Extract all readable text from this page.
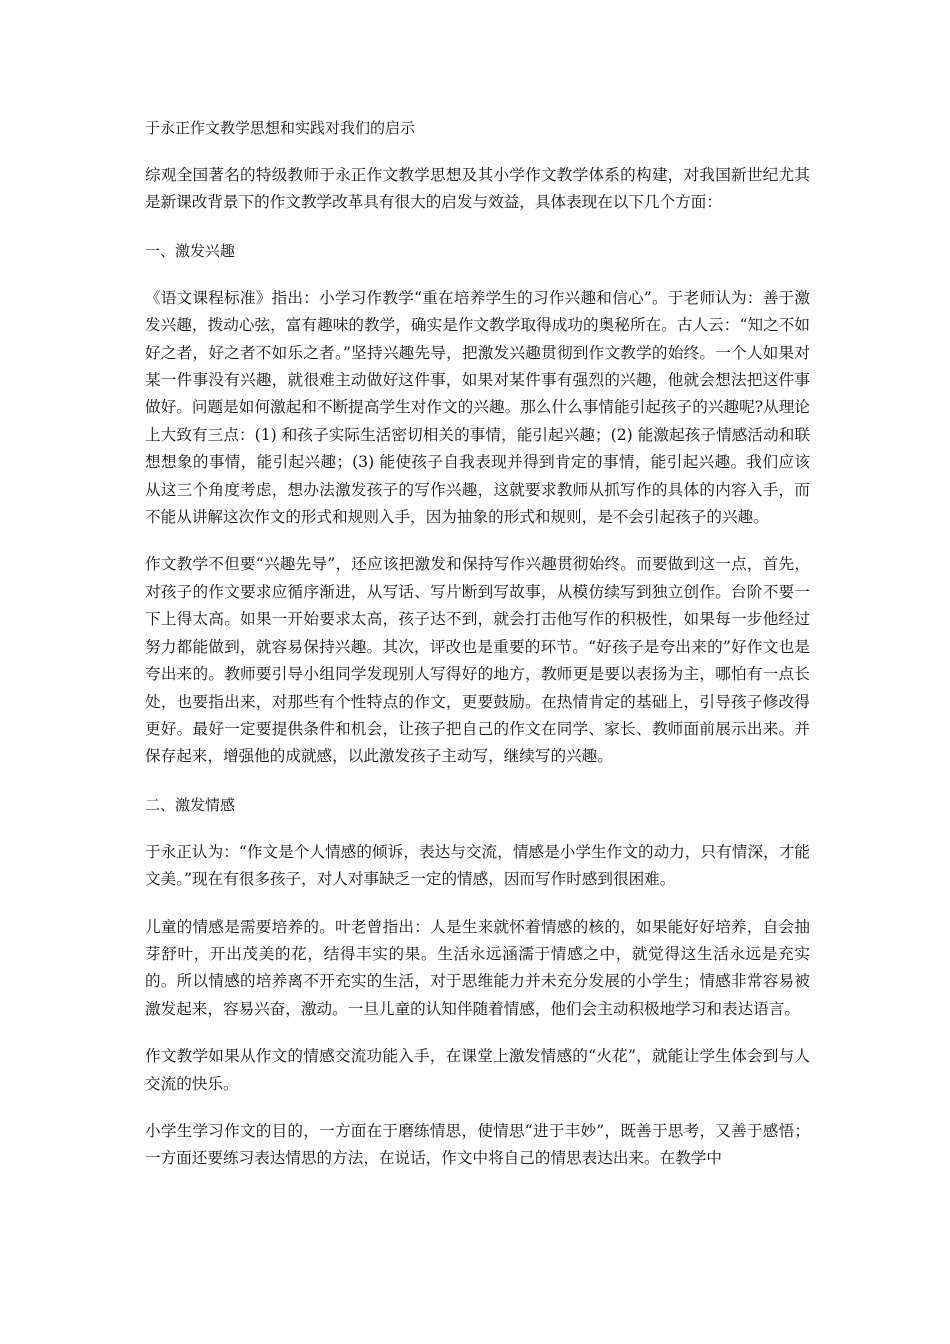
于永正作文教学思想和实践对我们的启示
综观全国著名的特级教师于永正作文教学思想及其小学作文教学体系的构建，对我国新世纪尤其是新课改背景下的作文教学改革具有很大的启发与效益，具体表现在以下几个方面：
一、激发兴趣
《语文课程标准》指出：小学习作教学“重在培养学生的习作兴趣和信心”。于老师认为：善于激发兴趣，拨动心弦，富有趣味的教学，确实是作文教学取得成功的奥秘所在。古人云：“知之不如好之者，好之者不如乐之者。”坚持兴趣先导，把激发兴趣贯彻到作文教学的始终。一个人如果对某一件事没有兴趣，就很难主动做好这件事，如果对某件事有强烈的兴趣，他就会想法把这件事做好。问题是如何激起和不断提高学生对作文的兴趣。那么什么事情能引起孩子的兴趣呢?从理论上大致有三点：(1) 和孩子实际生活密切相关的事情，能引起兴趣；(2) 能激起孩子情感活动和联想想象的事情，能引起兴趣；(3) 能使孩子自我表现并得到肯定的事情，能引起兴趣。我们应该从这三个角度考虑，想办法激发孩子的写作兴趣，这就要求教师从抓写作的具体的内容入手，而不能从讲解这次作文的形式和规则入手，因为抽象的形式和规则，是不会引起孩子的兴趣。
作文教学不但要“兴趣先导”，还应该把激发和保持写作兴趣贯彻始终。而要做到这一点，首先，对孩子的作文要求应循序渐进，从写话、写片断到写故事，从模仿续写到独立创作。台阶不要一下上得太高。如果一开始要求太高，孩子达不到，就会打击他写作的积极性，如果每一步他经过努力都能做到，就容易保持兴趣。其次，评改也是重要的环节。“好孩子是夸出来的”好作文也是夸出来的。教师要引导小组同学发现别人写得好的地方，教师更是要以表扬为主，哪怕有一点长处，也要指出来，对那些有个性特点的作文，更要鼓励。在热情肯定的基础上，引导孩子修改得更好。最好一定要提供条件和机会，让孩子把自己的作文在同学、家长、教师面前展示出来。并保存起来，增强他的成就感，以此激发孩子主动写，继续写的兴趣。
二、激发情感
于永正认为：“作文是个人情感的倾诉，表达与交流，情感是小学生作文的动力，只有情深，才能文美。”现在有很多孩子，对人对事缺乏一定的情感，因而写作时感到很困难。
儿童的情感是需要培养的。叶老曾指出：人是生来就怀着情感的核的，如果能好好培养，自会抽芽舒叶，开出茂美的花，结得丰实的果。生活永远涵濡于情感之中，就觉得这生活永远是充实的。所以情感的培养离不开充实的生活，对于思维能力并未充分发展的小学生；情感非常容易被激发起来，容易兴奋，激动。一旦儿童的认知伴随着情感，他们会主动积极地学习和表达语言。
作文教学如果从作文的情感交流功能入手，在课堂上激发情感的“火花”，就能让学生体会到与人交流的快乐。
小学生学习作文的目的，一方面在于磨练情思，使情思“进于丰妙”，既善于思考，又善于感悟；一方面还要练习表达情思的方法，在说话，作文中将自己的情思表达出来。在教学中
